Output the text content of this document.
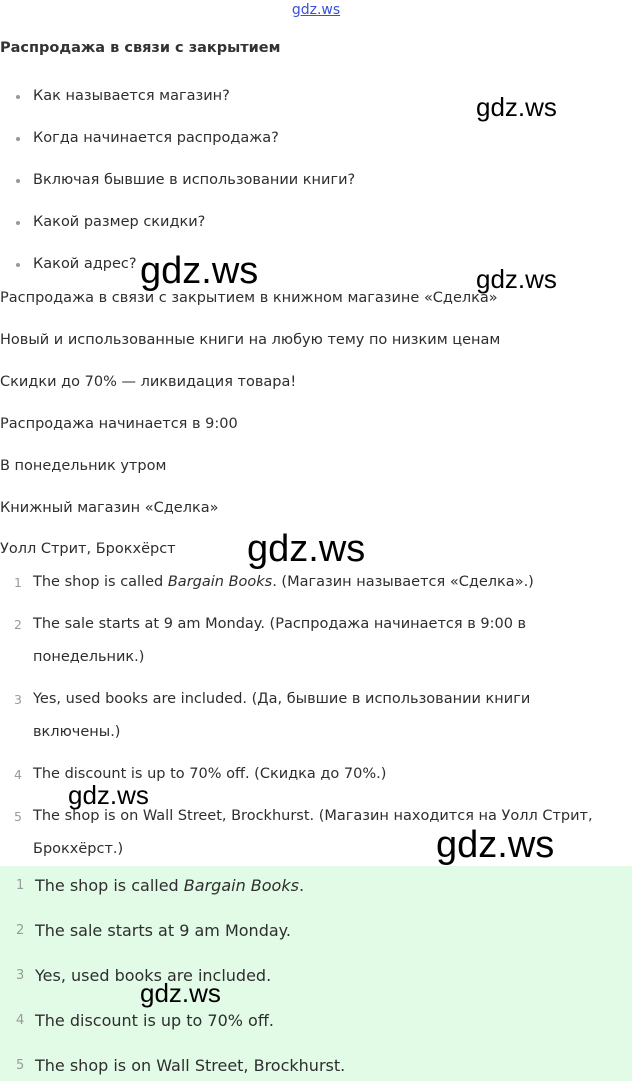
gdz.ws
Распродажа в связи с закрытием
Как называется магазин?
Когда начинается распродажа?
Включая бывшие в использовании книги?
Какой размер скидки?
Какой адрес?
Распродажа в связи с закрытием в книжном магазине «Сделка»
Новый и использованные книги на любую тему по низким ценам
Скидки до 70% — ликвидация товара!
Распродажа начинается в 9:00
В понедельник утром
Книжный магазин «Сделка»
Уолл Стрит, Брокхёрст
1 The shop is called Bargain Books. (Магазин называется «Сделка».)
2 The sale starts at 9 am Monday. (Распродажа начинается в 9:00 в
понедельник.)
3 Yes, used books are included. (Да, бывшие в использовании книги
включены.)
4 The discount is up to 70% off. (Скидка до 70%.)
5 The shop is on Wall Street, Brockhurst. (Магазин находится на Уолл Стрит,
Брокхёрст.)
1 The shop is called Bargain Books.
2 The sale starts at 9 am Monday.
3 Yes, used books are included.
4 The discount is up to 70% off.
5 The shop is on Wall Street, Brockhurst.
gdz.ws
gdz.ws	gdz.ws
gdz.ws
gdz.ws
gdz.ws
gdz.ws
